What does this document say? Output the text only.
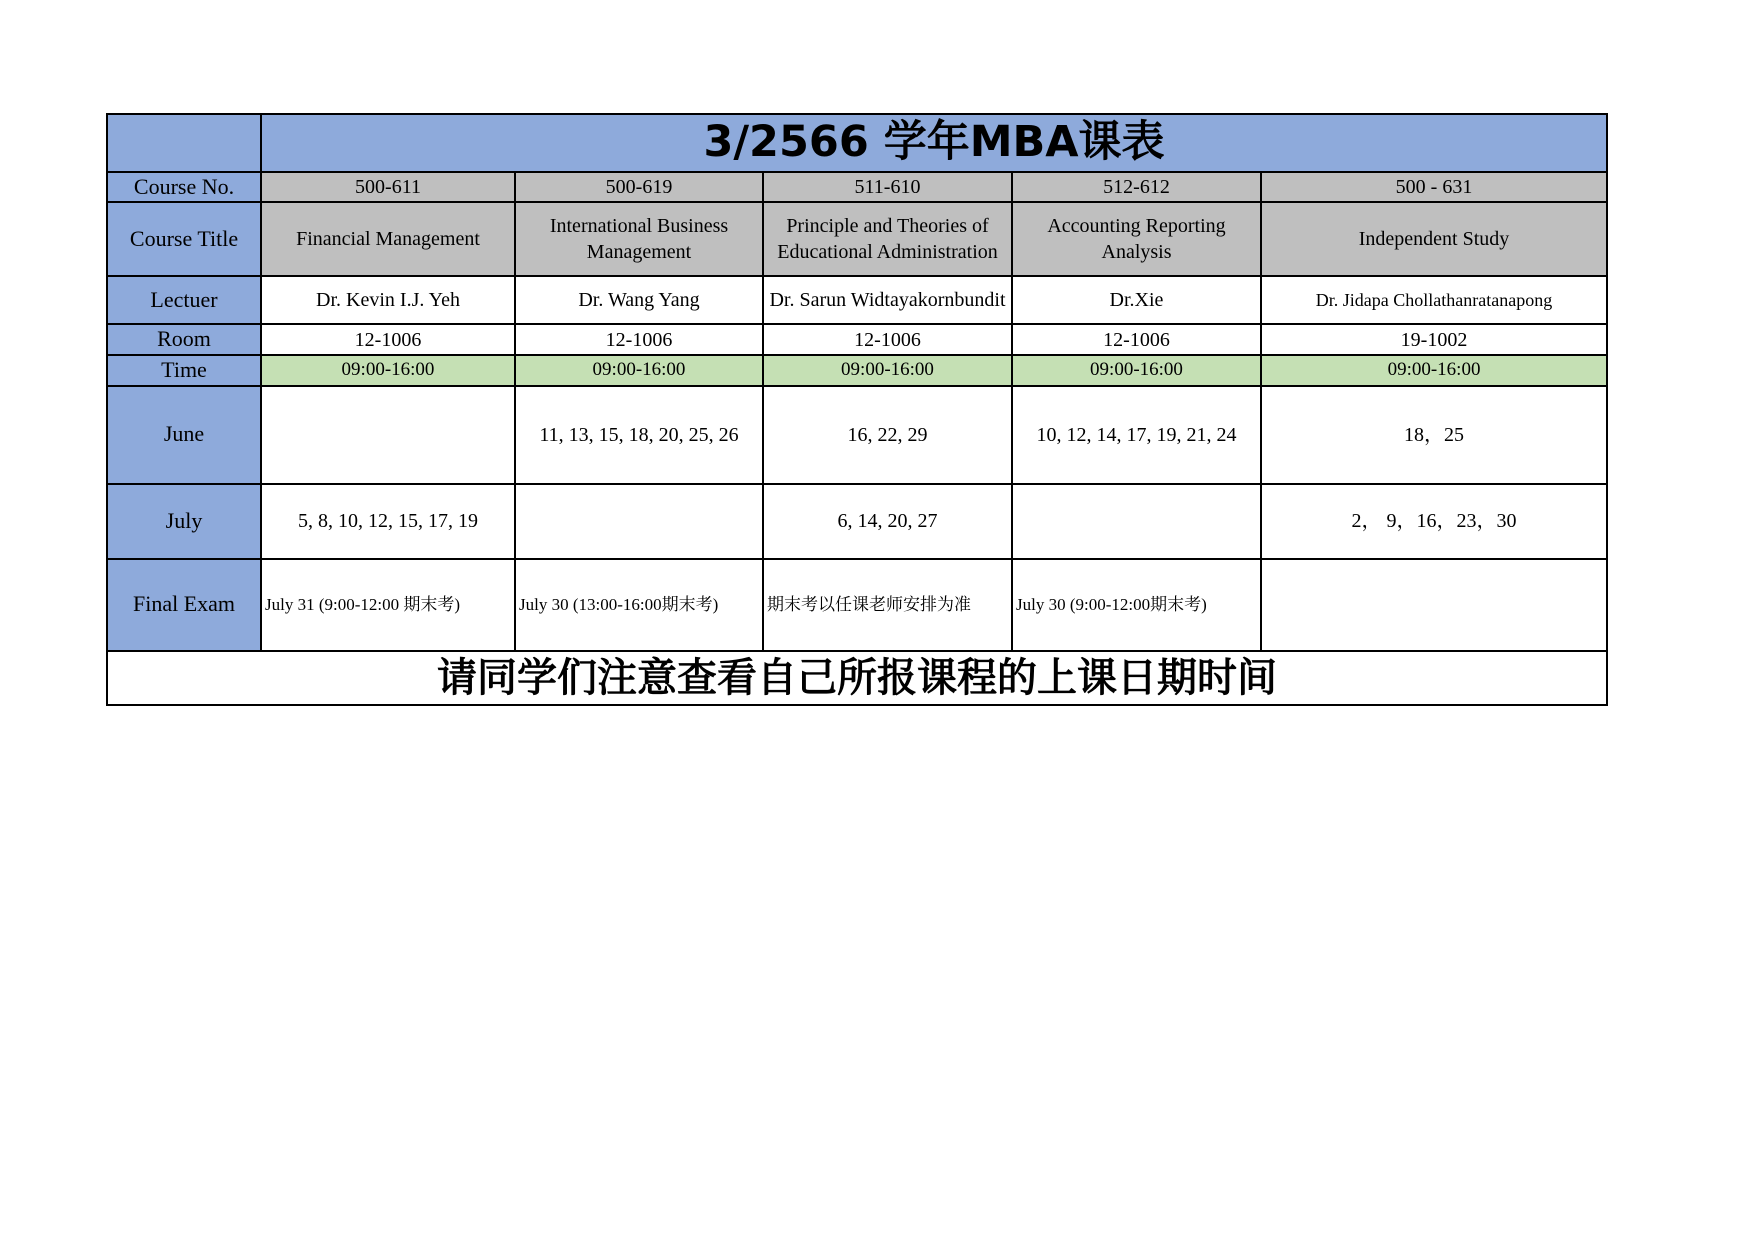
	3/2566 学年MBA课表				
Course No.	500-611	500-619	511-610	512-612	500 - 631
Course Title	Financial Management	International Business Management	Principle and Theories of Educational Administration	Accounting Reporting Analysis	Independent Study
Lectuer	Dr. Kevin I.J. Yeh	Dr. Wang Yang	Dr. Sarun Widtayakornbundit	Dr.Xie	Dr. Jidapa Chollathanratanapong
Room	12-1006	12-1006	12-1006	12-1006	19-1002
Time	09:00-16:00	09:00-16:00	09:00-16:00	09:00-16:00	09:00-16:00
June		11, 13, 15, 18, 20, 25, 26	16, 22, 29	10, 12, 14, 17, 19, 21, 24	18，25
July	5, 8, 10, 12, 15, 17, 19		6, 14, 20, 27		2， 9，16，23，30
Final Exam	July 31 (9:00-12:00 期末考)	July 30 (13:00-16:00期末考)	期末考以任课老师安排为准	July 30 (9:00-12:00期末考)	
请同学们注意查看自己所报课程的上课日期时间					
